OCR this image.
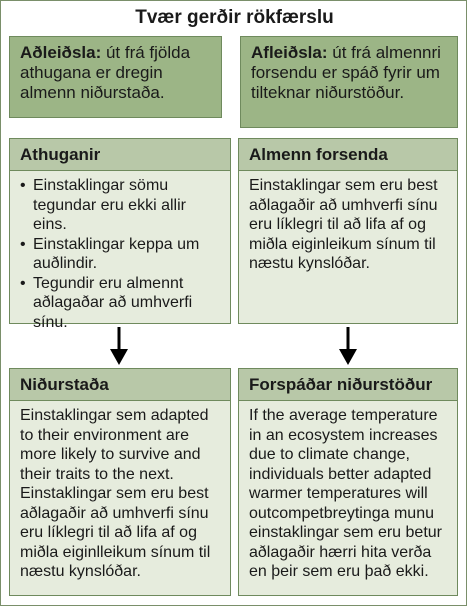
Tvær gerðir rökfærslu
Aðleiðsla: út frá fjölda athugana er dregin almenn niðurstaða.
Afleiðsla: út frá almennri forsendu er spáð fyrir um tilteknar niðurstöður.
Athuganir
• Einstaklingar sömu tegundar eru ekki allir eins.
• Einstaklingar keppa um auðlindir.
• Tegundir eru almennt aðlagaðar að umhverfi sínu.
Almenn forsenda
Einstaklingar sem eru best aðlagaðir að umhverfi sínu eru líklegri til að lifa af og miðla eiginleikum sínum til næstu kynslóðar.
Niðurstaða
Einstaklingar sem adapted to their environment are more likely to survive and their traits to the next. Einstaklingar sem eru best aðlagaðir að umhverfi sínu eru líklegri til að lifa af og miðla eiginlleikum sínum til næstu kynslóðar.
Forspáðar niðurstöður
If the average temperature in an ecosystem increases due to climate change, individuals better adapted warmer temperatures will outcompetbreytinga munu einstaklingar sem eru betur aðlagaðir hærri hita verða en þeir sem eru það ekki.
